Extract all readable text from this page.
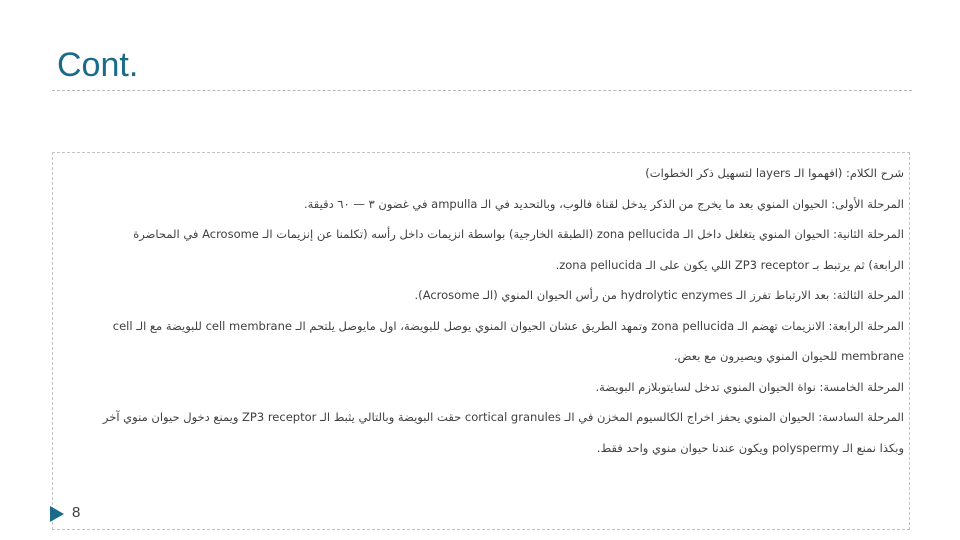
Cont.
شرح الكلام: (افهموا الـ layers لتسهيل ذكر الخطوات)
المرحلة الأولى: الحيوان المنوي بعد ما يخرج من الذكر يدخل لقناة فالوب، وبالتحديد في الـ ampulla في غضون ٣ — ٦٠ دقيقة.
المرحلة الثانية: الحيوان المنوي يتغلغل داخل الـ zona pellucida (الطبقة الخارجية) بواسطة انزيمات داخل رأسه (تكلمنا عن إنزيمات الـ Acrosome في المحاضرة
الرابعة) ثم يرتبط بـ ZP3 receptor اللي يكون على الـ zona pellucida.
المرحلة الثالثة: بعد الارتباط تفرز الـ hydrolytic enzymes من رأس الحيوان المنوي (الـ Acrosome).
المرحلة الرابعة: الانزيمات تهضم الـ zona pellucida وتمهد الطريق عشان الحيوان المنوي يوصل للبويضة، اول مايوصل يلتحم الـ cell membrane للبويضة مع الـ cell
membrane للحيوان المنوي ويصيرون مع بعض.
المرحلة الخامسة: نواة الحيوان المنوي تدخل لسايتوبلازم البويضة.
المرحلة السادسة: الحيوان المنوي يحفز اخراج الكالسيوم المخزن في الـ cortical granules حقت البويضة وبالتالي يثبط الـ ZP3 receptor ويمنع دخول حيوان منوي آخر
وبكذا نمنع الـ polyspermy ويكون عندنا حيوان منوي واحد فقط.
8
